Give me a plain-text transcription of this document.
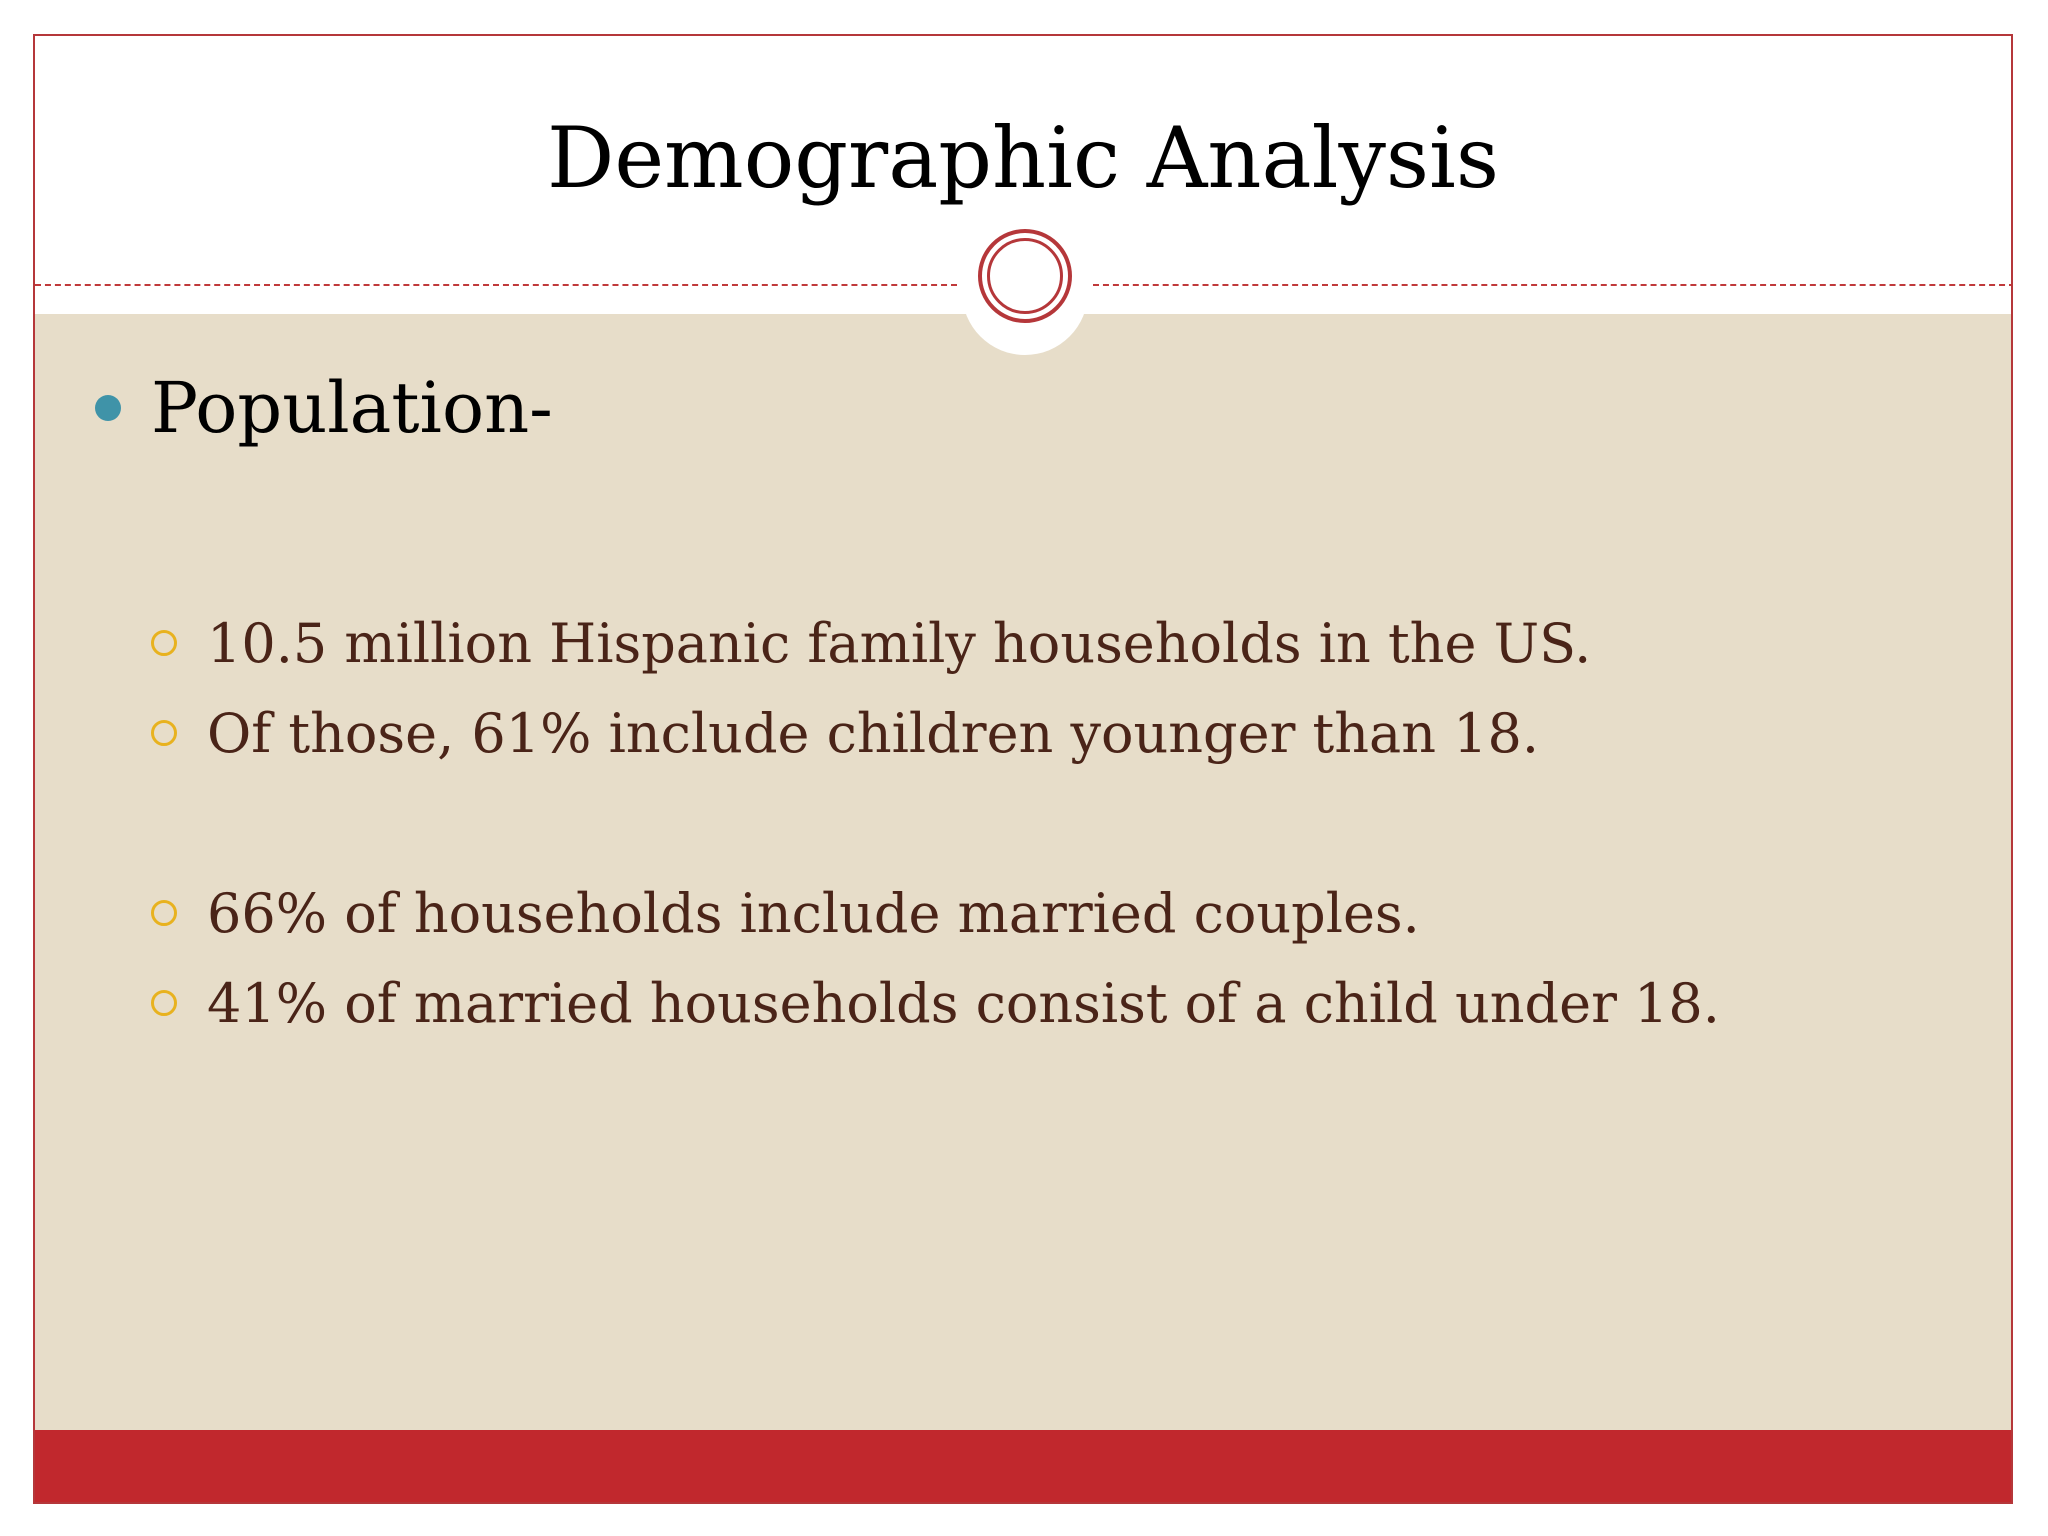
Demographic Analysis
Population-
10.5 million Hispanic family households in the US.
Of those, 61% include children younger than 18.
66% of households include married couples.
41% of married households consist of a child under 18.
